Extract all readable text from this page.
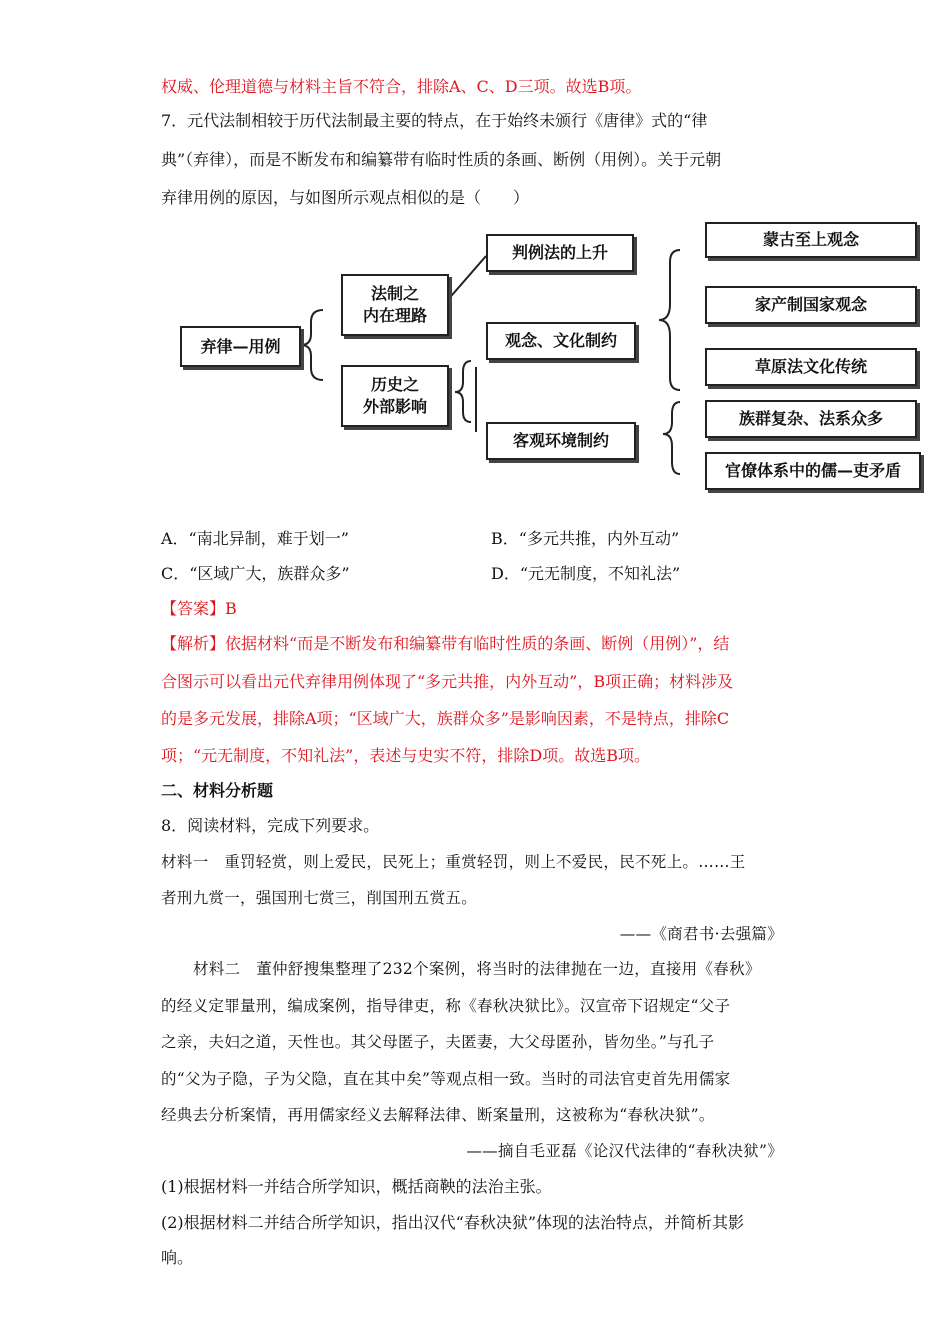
权威、伦理道德与材料主旨不符合，排除A、C、D三项。故选B项。
7．元代法制相较于历代法制最主要的特点，在于始终未颁行《唐律》式的“律
典”（弃律），而是不断发布和编纂带有临时性质的条画、断例（用例）。关于元朝
弃律用例的原因，与如图所示观点相似的是（　　）
弃律—用例
法制之
内在理路
历史之
外部影响
判例法的上升
观念、文化制约
客观环境制约
蒙古至上观念
家产制国家观念
草原法文化传统
族群复杂、法系众多
官僚体系中的儒—吏矛盾
A．“南北异制，难于划一”	B．“多元共推，内外互动”
C．“区域广大，族群众多”	D．“元无制度，不知礼法”
【答案】B
【解析】依据材料“而是不断发布和编纂带有临时性质的条画、断例（用例）”，结
合图示可以看出元代弃律用例体现了“多元共推，内外互动”，B项正确；材料涉及
的是多元发展，排除A项；“区域广大，族群众多”是影响因素，不是特点，排除C
项；“元无制度，不知礼法”，表述与史实不符，排除D项。故选B项。
二、材料分析题
8．阅读材料，完成下列要求。
材料一　重罚轻赏，则上爱民，民死上；重赏轻罚，则上不爱民，民不死上。……王
者刑九赏一，强国刑七赏三，削国刑五赏五。
——《商君书·去强篇》
材料二　董仲舒搜集整理了232个案例，将当时的法律抛在一边，直接用《春秋》
的经义定罪量刑，编成案例，指导律吏，称《春秋决狱比》。汉宣帝下诏规定“父子
之亲，夫妇之道，天性也。其父母匿子，夫匿妻，大父母匿孙，皆勿坐。”与孔子
的“父为子隐，子为父隐，直在其中矣”等观点相一致。当时的司法官吏首先用儒家
经典去分析案情，再用儒家经义去解释法律、断案量刑，这被称为“春秋决狱”。
——摘自毛亚磊《论汉代法律的“春秋决狱”》
(1)根据材料一并结合所学知识，概括商鞅的法治主张。
(2)根据材料二并结合所学知识，指出汉代“春秋决狱”体现的法治特点，并简析其影
响。
